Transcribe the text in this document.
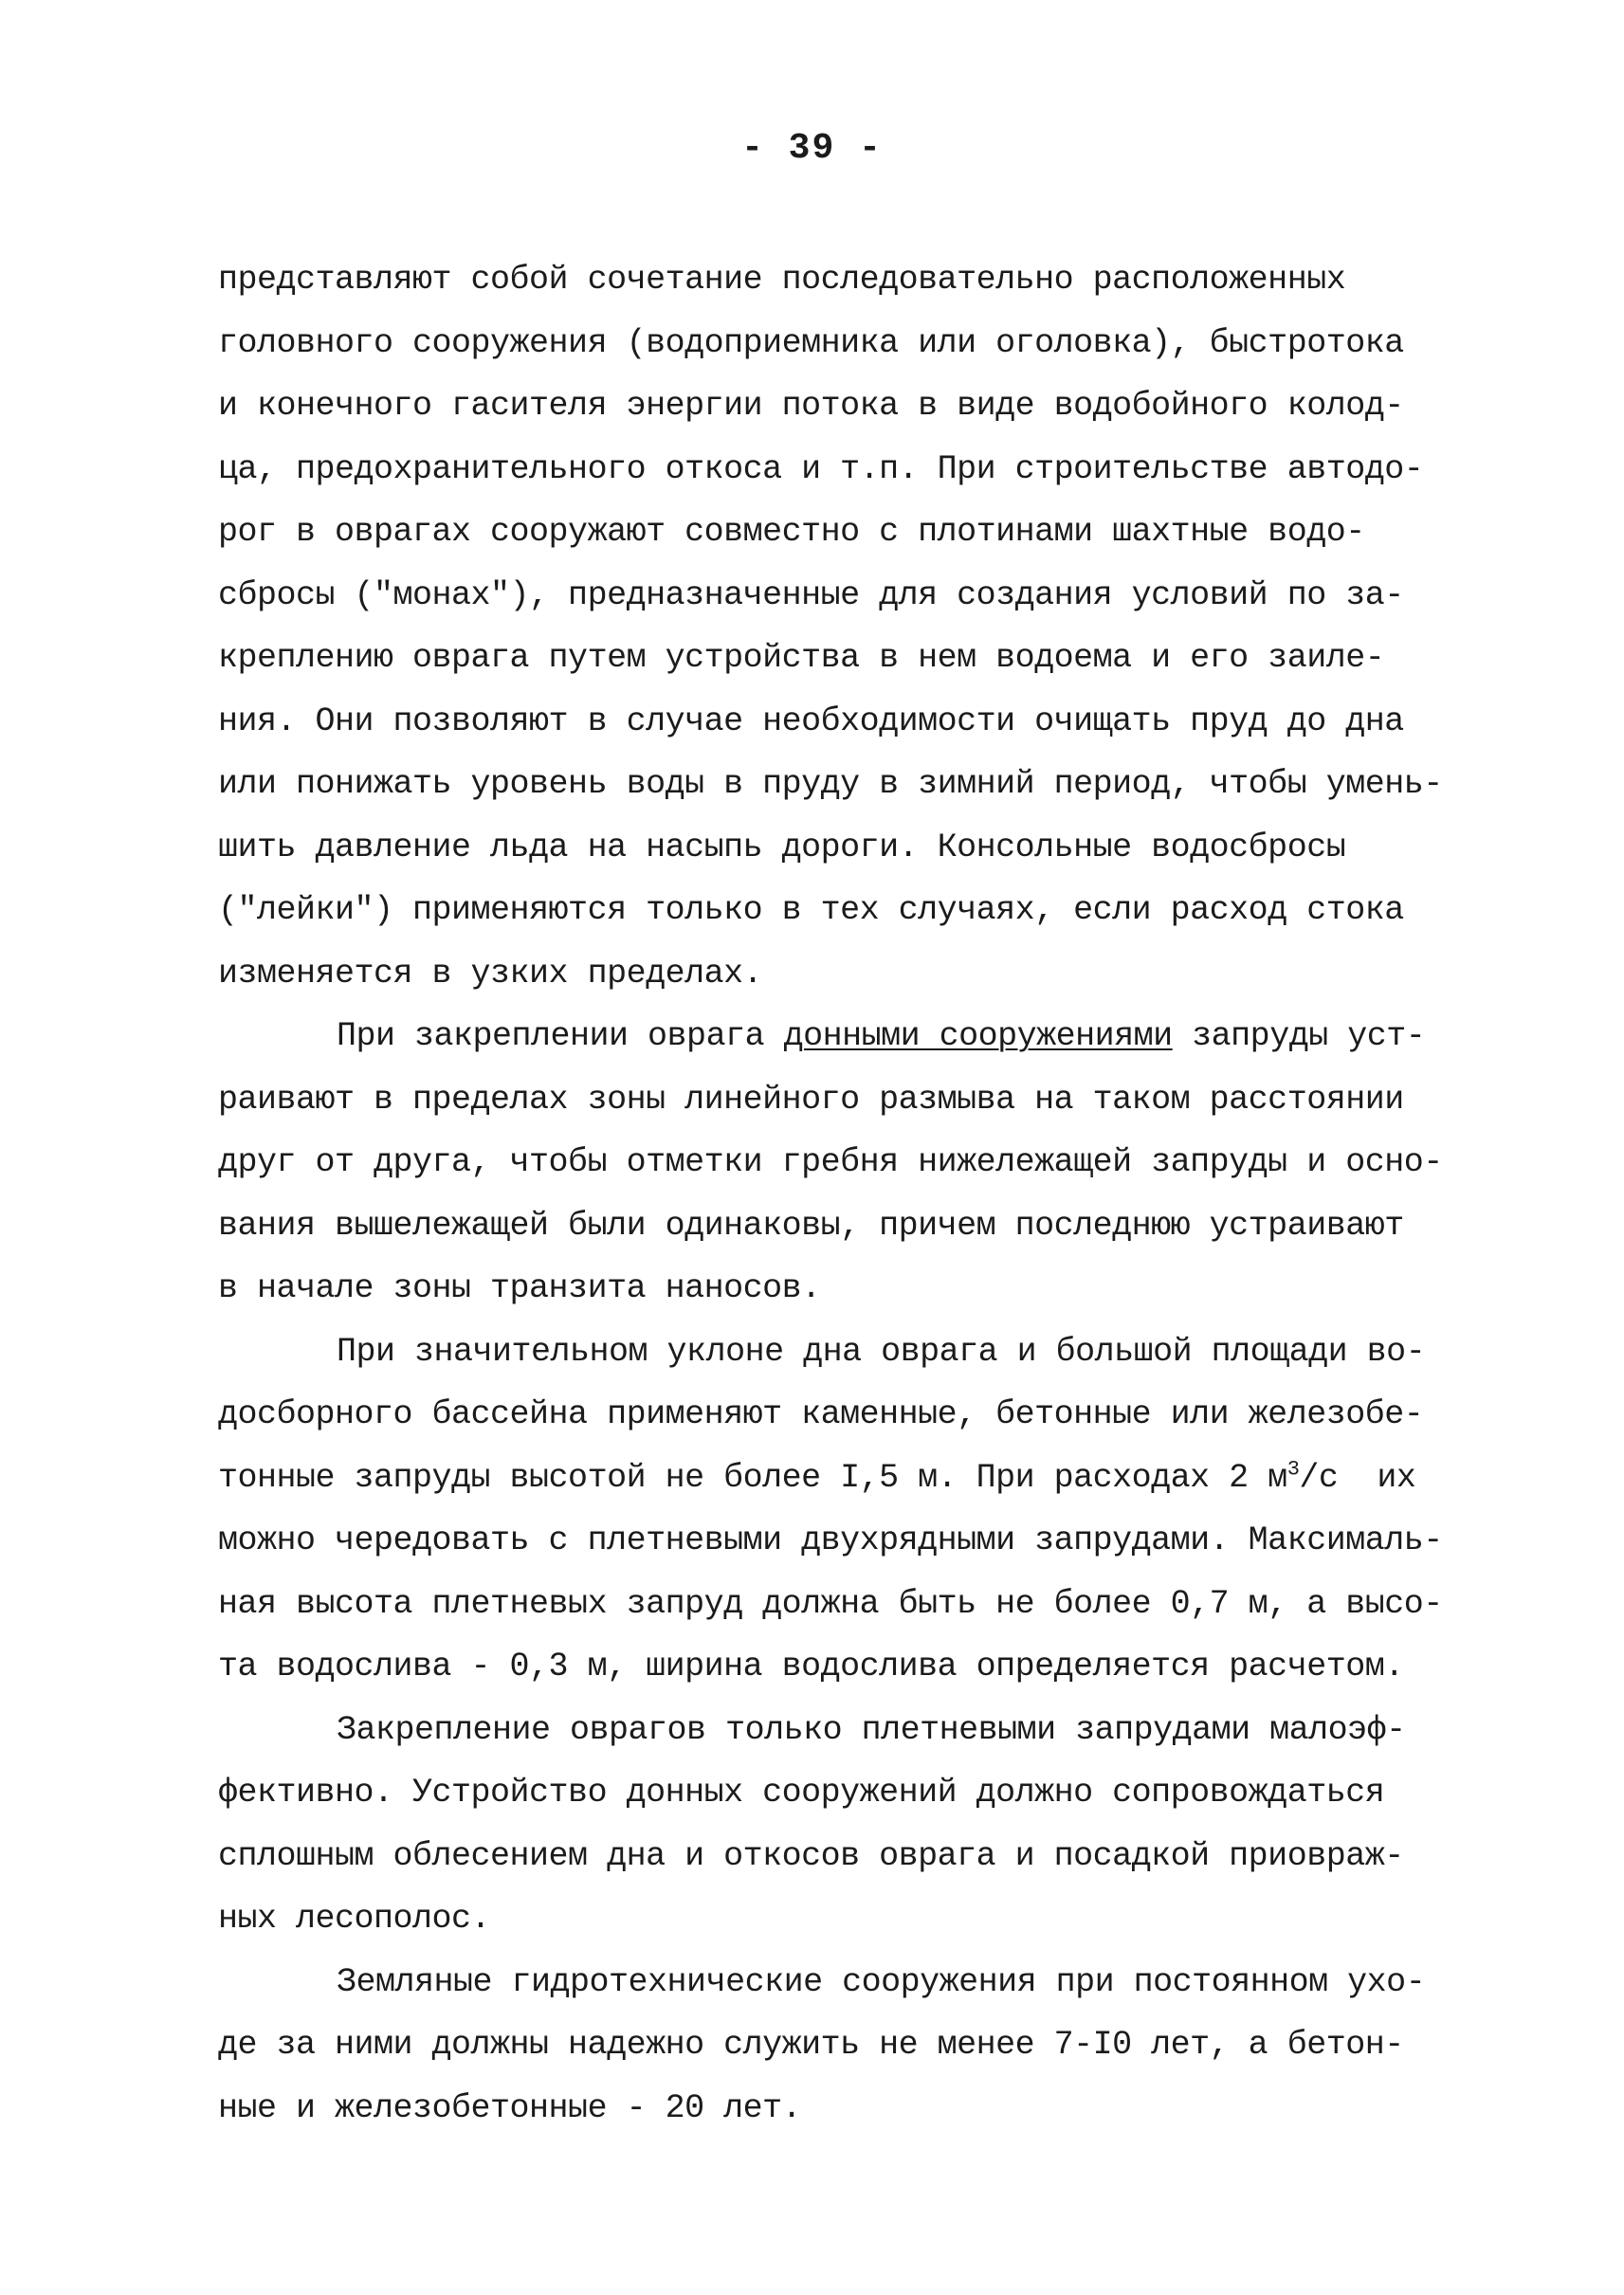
- 39 -
представляют собой сочетание последовательно расположенных
головного сооружения (водоприемника или оголовка), быстротока
и конечного гасителя энергии потока в виде водобойного колод-
ца, предохранительного откоса и т.п. При строительстве автодо-
рог в оврагах сооружают совместно с плотинами шахтные водо-
сбросы ("монах"), предназначенные для создания условий по за-
креплению оврага путем устройства в нем водоема и его заиле-
ния. Они позволяют в случае необходимости очищать пруд до дна
или понижать уровень воды в пруду в зимний период, чтобы умень-
шить давление льда на насыпь дороги. Консольные водосбросы
("лейки") применяются только в тех случаях, если расход стока
изменяется в узких пределах.
При закреплении оврага донными сооружениями запруды уст-
раивают в пределах зоны линейного размыва на таком расстоянии
друг от друга, чтобы отметки гребня нижележащей запруды и осно-
вания вышележащей были одинаковы, причем последнюю устраивают
в начале зоны транзита наносов.
При значительном уклоне дна оврага и большой площади во-
досборного бассейна применяют каменные, бетонные или железобе-
тонные запруды высотой не более I,5 м. При расходах 2 $м^3/с$  их
можно чередовать с плетневыми двухрядными запрудами. Максималь-
ная высота плетневых запруд должна быть не более 0,7 м, а высо-
та водослива - 0,3 м, ширина водослива определяется расчетом.
Закрепление оврагов только плетневыми запрудами малоэф-
фективно. Устройство донных сооружений должно сопровождаться
сплошным облесением дна и откосов оврага и посадкой приовраж-
ных лесополос.
Земляные гидротехнические сооружения при постоянном ухо-
де за ними должны надежно служить не менее 7-I0 лет, а бетон-
ные и железобетонные - 20 лет.
